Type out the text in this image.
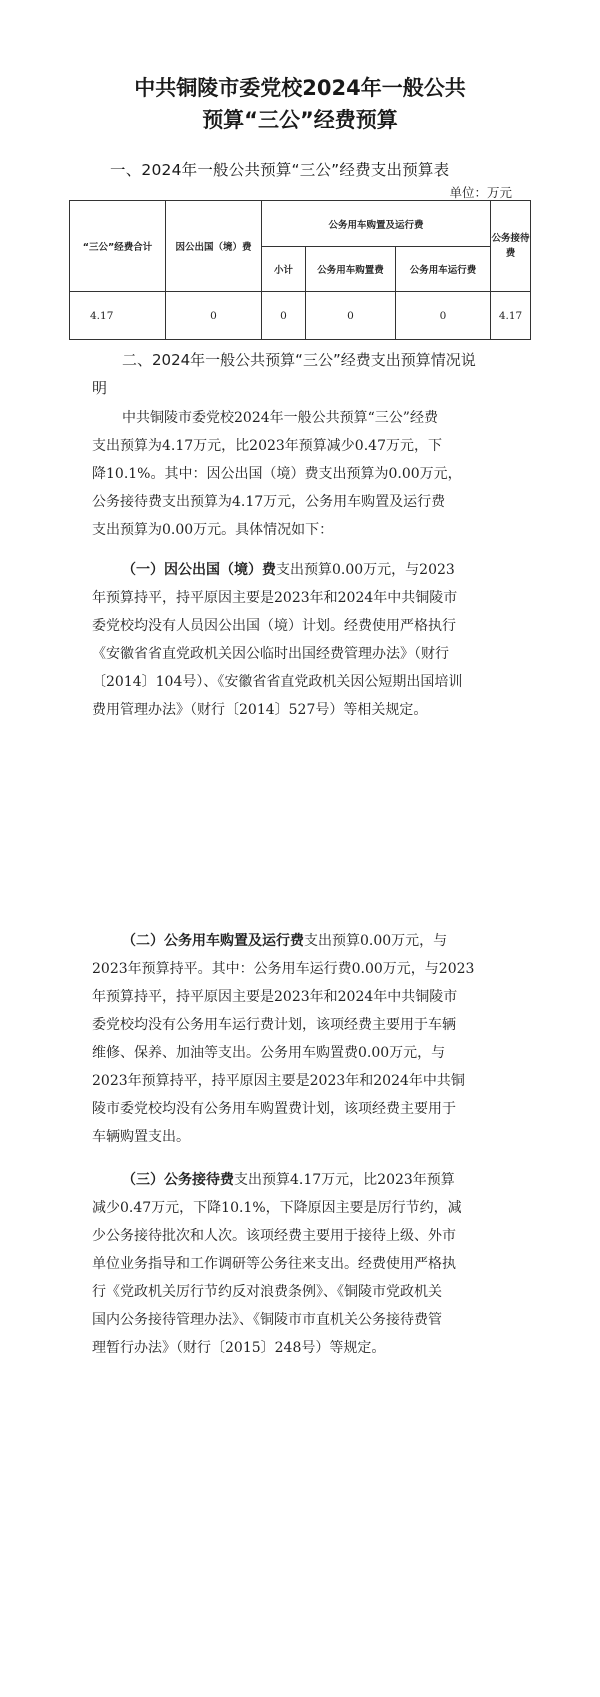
中共铜陵市委党校2024年一般公共
预算“三公”经费预算
一、2024年一般公共预算“三公”经费支出预算表
单位：万元
“三公”经费合计	因公出国（境）费	公务用车购置及运行费			公务接待费
		小计	公务用车购置费	公务用车运行费	
4.17	0	0	0	0	4.17
二、2024年一般公共预算“三公”经费支出预算情况说
明
中共铜陵市委党校2024年一般公共预算“三公”经费
支出预算为4.17万元，比2023年预算减少0.47万元，下
降10.1%。其中：因公出国（境）费支出预算为0.00万元，
公务接待费支出预算为4.17万元，公务用车购置及运行费
支出预算为0.00万元。具体情况如下：
（一）因公出国（境）费支出预算0.00万元，与2023
年预算持平，持平原因主要是2023年和2024年中共铜陵市
委党校均没有人员因公出国（境）计划。经费使用严格执行
《安徽省省直党政机关因公临时出国经费管理办法》（财行
〔2014〕104号）、《安徽省省直党政机关因公短期出国培训
费用管理办法》（财行〔2014〕527号）等相关规定。
（二）公务用车购置及运行费支出预算0.00万元，与
2023年预算持平。其中：公务用车运行费0.00万元，与2023
年预算持平，持平原因主要是2023年和2024年中共铜陵市
委党校均没有公务用车运行费计划，该项经费主要用于车辆
维修、保养、加油等支出。公务用车购置费0.00万元，与
2023年预算持平，持平原因主要是2023年和2024年中共铜
陵市委党校均没有公务用车购置费计划，该项经费主要用于
车辆购置支出。
（三）公务接待费支出预算4.17万元，比2023年预算
减少0.47万元，下降10.1%，下降原因主要是厉行节约，减
少公务接待批次和人次。该项经费主要用于接待上级、外市
单位业务指导和工作调研等公务往来支出。经费使用严格执
行《党政机关厉行节约反对浪费条例》、《铜陵市党政机关
国内公务接待管理办法》、《铜陵市市直机关公务接待费管
理暂行办法》（财行〔2015〕248号）等规定。
